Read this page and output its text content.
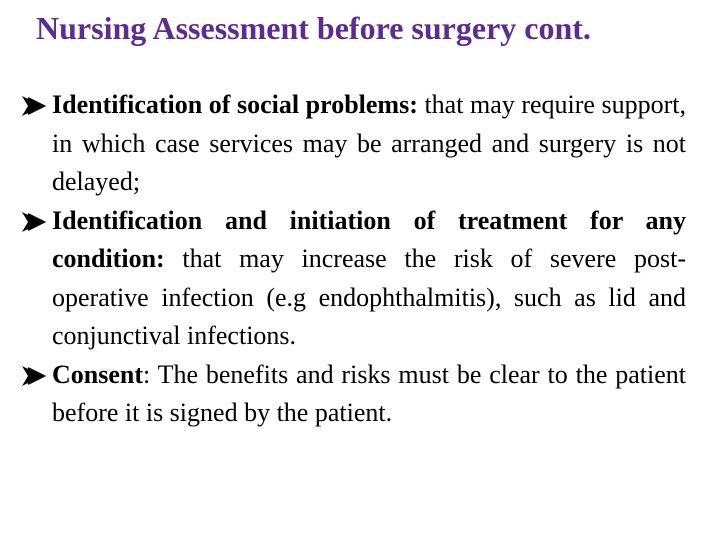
Nursing Assessment before surgery cont.
Identification of social problems: that may require support, in which case services may be arranged and surgery is not delayed;
Identification and initiation of treatment for any condition: that may increase the risk of severe post-operative infection (e.g endophthalmitis), such as lid and conjunctival infections.
Consent: The benefits and risks must be clear to the patient before it is signed by the patient.
